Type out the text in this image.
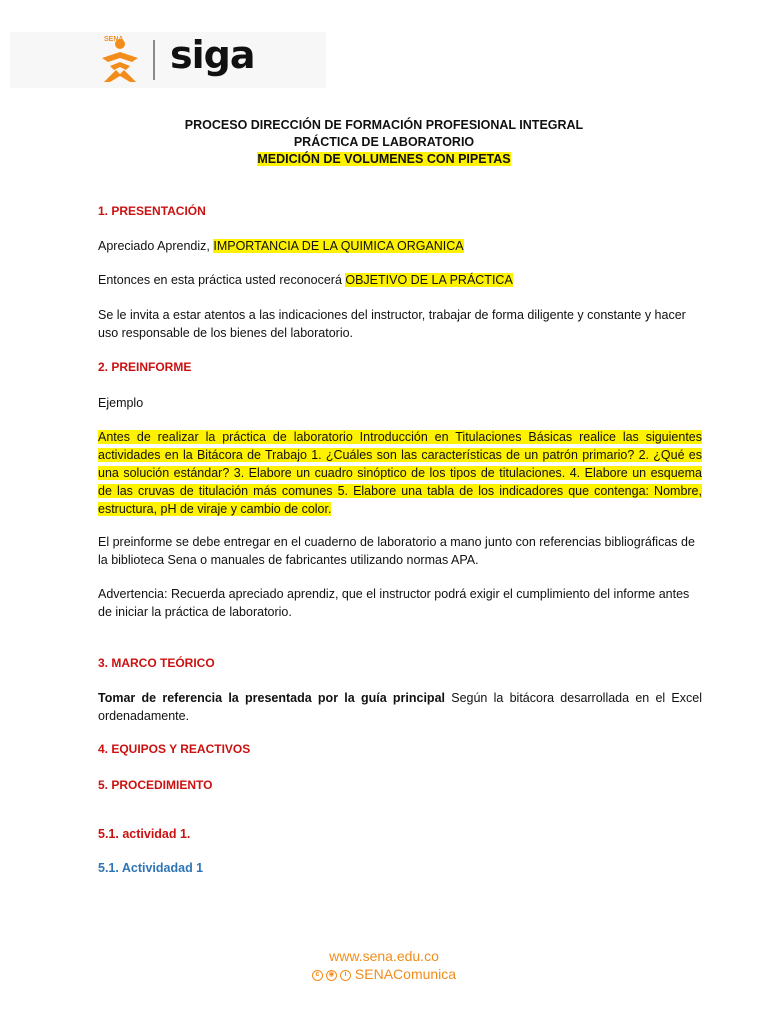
SENA siga
PROCESO DIRECCIÓN DE FORMACIÓN PROFESIONAL INTEGRAL
PRÁCTICA DE LABORATORIO
MEDICIÓN DE VOLUMENES CON PIPETAS
1. PRESENTACIÓN
Apreciado Aprendiz, IMPORTANCIA DE LA QUIMICA ORGANICA
Entonces en esta práctica usted reconocerá OBJETIVO DE LA PRÁCTICA
Se le invita a estar atentos a las indicaciones del instructor, trabajar de forma diligente y constante y hacer uso responsable de los bienes del laboratorio.
2. PREINFORME
Ejemplo
Antes de realizar la práctica de laboratorio Introducción en Titulaciones Básicas realice las siguientes actividades en la Bitácora de Trabajo 1. ¿Cuáles son las características de un patrón primario? 2. ¿Qué es una solución estándar? 3. Elabore un cuadro sinóptico de los tipos de titulaciones. 4. Elabore un esquema de las cruvas de titulación más comunes 5. Elabore una tabla de los indicadores que contenga: Nombre, estructura, pH de viraje y cambio de color.
El preinforme se debe entregar en el cuaderno de laboratorio a mano junto con referencias bibliográficas de la biblioteca Sena o manuales de fabricantes utilizando normas APA.
Advertencia: Recuerda apreciado aprendiz, que el instructor podrá exigir el cumplimiento del informe antes de iniciar la práctica de laboratorio.
3. MARCO TEÓRICO
Tomar de referencia la presentada por la guía principal Según la bitácora desarrollada en el Excel ordenadamente.
4. EQUIPOS Y REACTIVOS
5. PROCEDIMIENTO
5.1. actividad 1.
5.1. Actividadad 1
www.sena.edu.co
c	◉	i SENAComunica
